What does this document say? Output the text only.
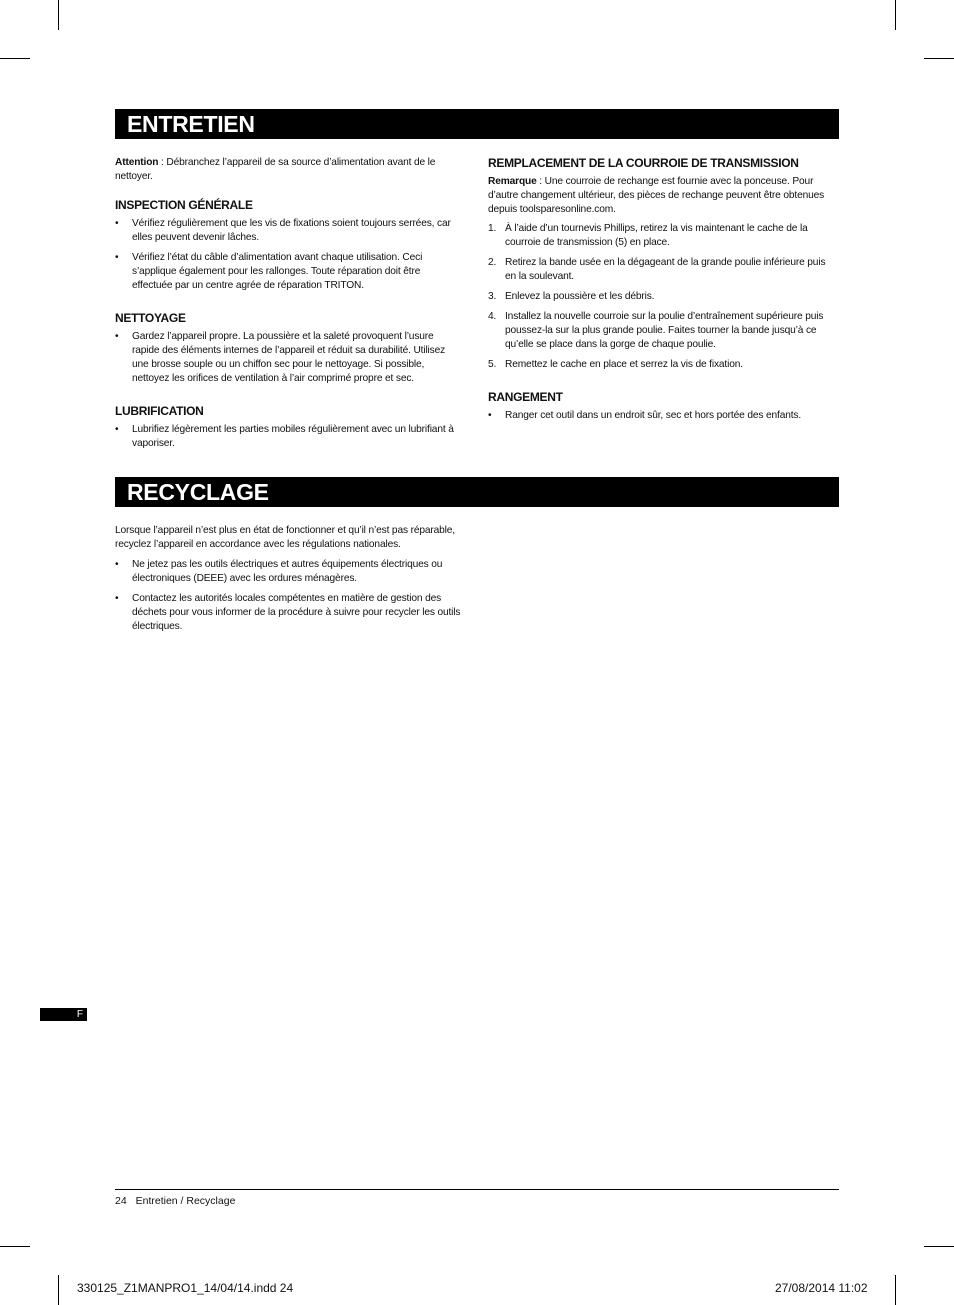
ENTRETIEN

Attention : Débranchez l’appareil de sa source d’alimentation avant de le nettoyer.

INSPECTION GÉNÉRALE
• Vérifiez régulièrement que les vis de fixations soient toujours serrées, car elles peuvent devenir lâches.
• Vérifiez l’état du câble d’alimentation avant chaque utilisation. Ceci s’applique également pour les rallonges. Toute réparation doit être effectuée par un centre agrée de réparation TRITON.
NETTOYAGE
• Gardez l’appareil propre. La poussière et la saleté provoquent l’usure rapide des éléments internes de l’appareil et réduit sa durabilité. Utilisez une brosse souple ou un chiffon sec pour le nettoyage. Si possible, nettoyez les orifices de ventilation à l’air comprimé propre et sec.
LUBRIFICATION
• Lubrifiez légèrement les parties mobiles régulièrement avec un lubrifiant à vaporiser.
REMPLACEMENT DE LA COURROIE DE TRANSMISSION

Remarque : Une courroie de rechange est fournie avec la ponceuse. Pour d’autre changement ultérieur, des pièces de rechange peuvent être obtenues depuis toolsparesonline.com.

1. À l’aide d’un tournevis Phillips, retirez la vis maintenant le cache de la courroie de transmission (5) en place.
2. Retirez la bande usée en la dégageant de la grande poulie inférieure puis en la soulevant.
3. Enlevez la poussière et les débris.
4. Installez la nouvelle courroie sur la poulie d’entraînement supérieure puis poussez-la sur la plus grande poulie. Faites tourner la bande jusqu’à ce qu’elle se place dans la gorge de chaque poulie.
5. Remettez le cache en place et serrez la vis de fixation.
RANGEMENT
• Ranger cet outil dans un endroit sûr, sec et hors portée des enfants.
RECYCLAGE

Lorsque l’appareil n’est plus en état de fonctionner et qu’il n’est pas réparable, recyclez l’appareil en accordance avec les régulations nationales.

• Ne jetez pas les outils électriques et autres équipements électriques ou électroniques (DEEE) avec les ordures ménagères.
• Contactez les autorités locales compétentes en matière de gestion des déchets pour vous informer de la procédure à suivre pour recycler les outils électriques.
F
24 Entretien / Recyclage
330125_Z1MANPRO1_14/04/14.indd 24	27/08/2014 11:02
